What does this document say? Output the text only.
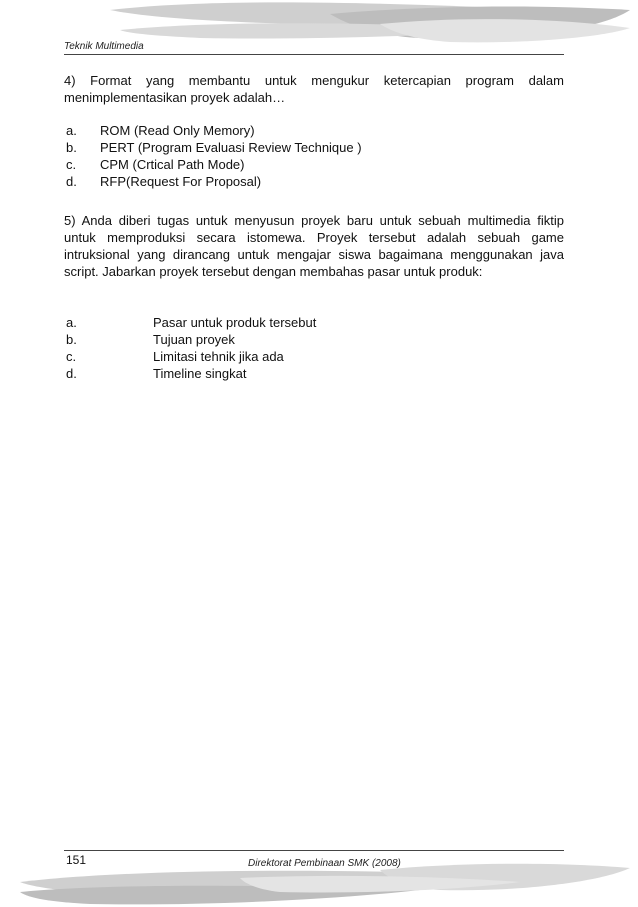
Teknik Multimedia
4) Format yang membantu untuk mengukur ketercapian program dalam menimplementasikan proyek adalah…
a. ROM (Read Only Memory)
b. PERT (Program Evaluasi Review Technique )
c. CPM (Crtical Path Mode)
d. RFP(Request For Proposal)
5) Anda diberi tugas untuk menyusun proyek baru untuk sebuah multimedia fiktip untuk memproduksi secara istomewa. Proyek tersebut adalah sebuah game intruksional yang dirancang untuk mengajar siswa bagaimana menggunakan java script. Jabarkan proyek tersebut dengan membahas pasar untuk produk:
a.	Pasar untuk produk tersebut
b.	Tujuan proyek
c.	Limitasi tehnik jika ada
d.	Timeline singkat
151	Direktorat Pembinaan SMK (2008)
